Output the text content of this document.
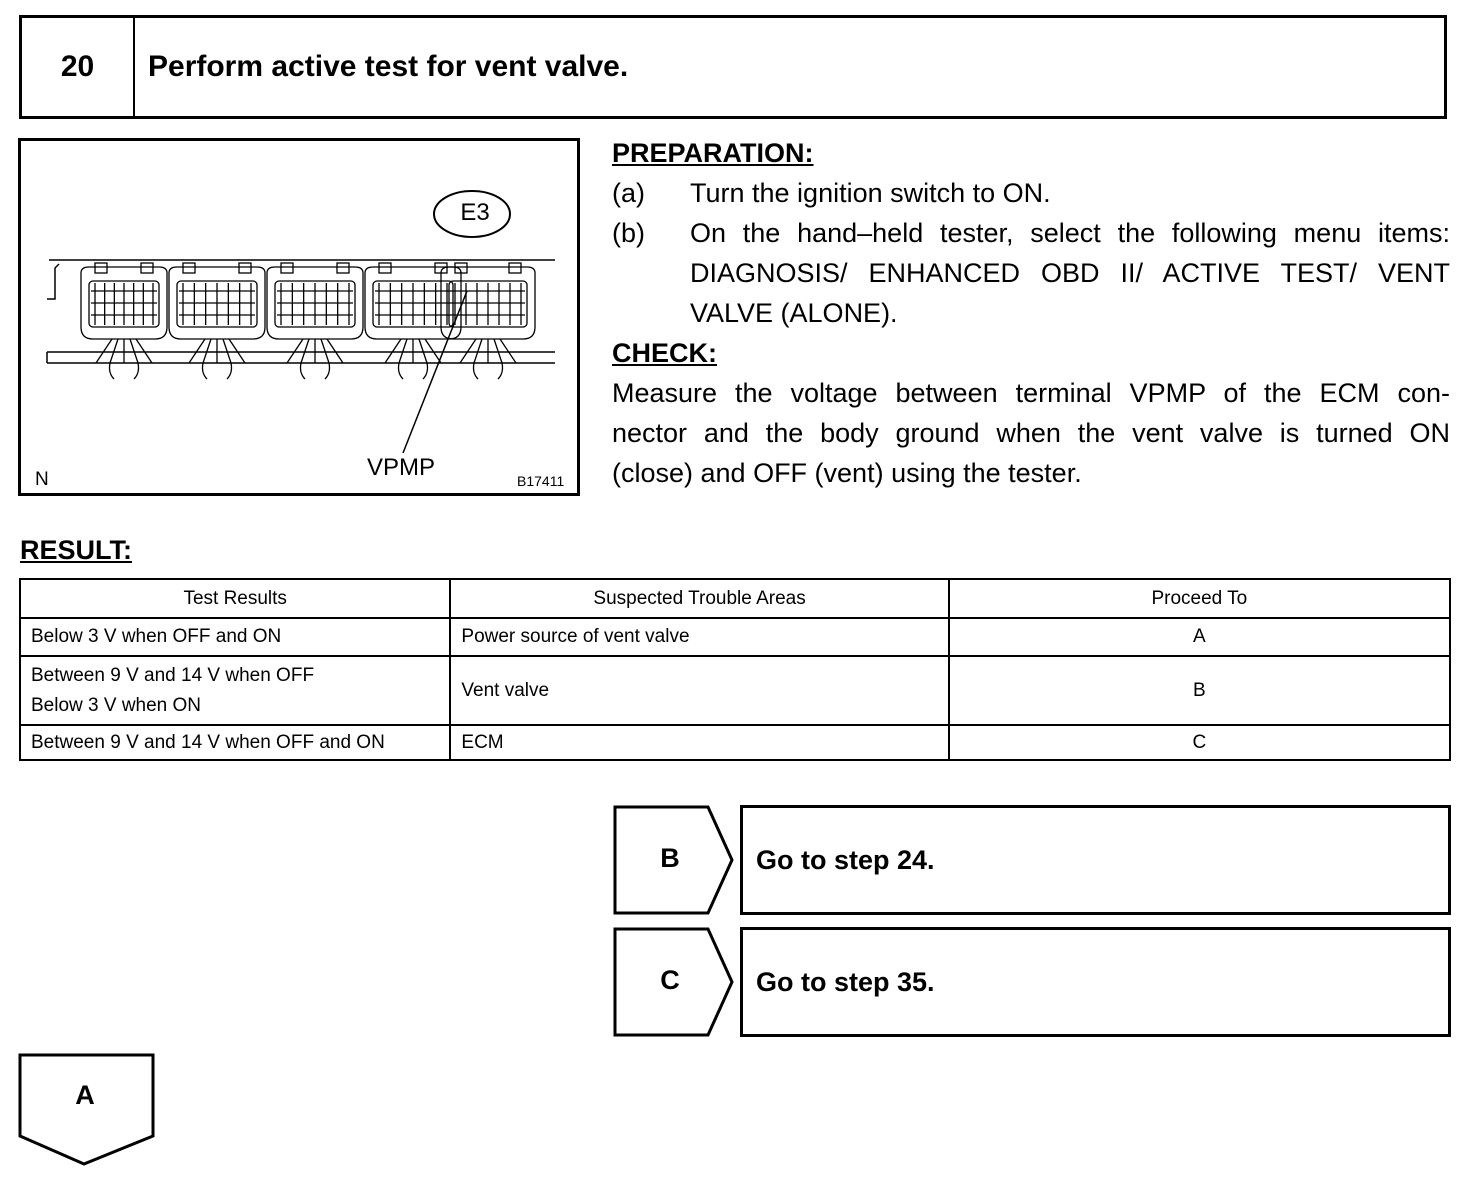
20	Perform active test for vent valve.
E3
VPMP
N	B17411
PREPARATION:
(a) Turn the ignition switch to ON.
(b) On the hand–held tester, select the following menu items:
DIAGNOSIS/ ENHANCED OBD II/ ACTIVE TEST/ VENT
VALVE (ALONE).
CHECK:
Measure the voltage between terminal VPMP of the ECM con-
nector and the body ground when the vent valve is turned ON
(close) and OFF (vent) using the tester.
RESULT:
Test Results	Suspected Trouble Areas	Proceed To
Below 3 V when OFF and ON	Power source of vent valve	A

Between 9 V and 14 V when OFF
Below 3 V when ON	Vent valve	B
Between 9 V and 14 V when OFF and ON	ECM	C
B	Go to step 24.
C	Go to step 35.
A
